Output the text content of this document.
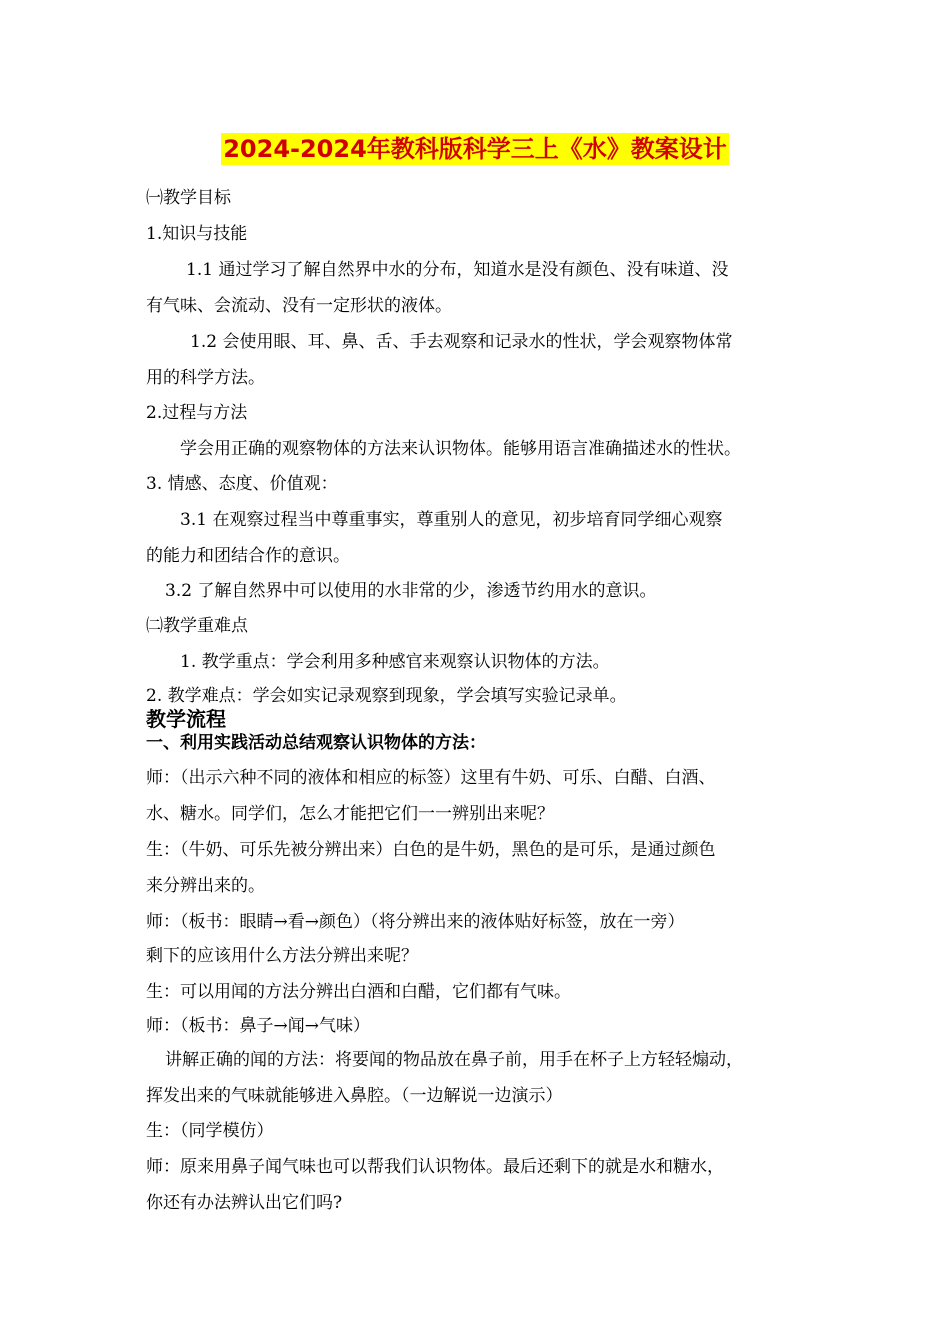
2024-2024年教科版科学三上《水》教案设计
㈠教学目标
1.知识与技能
1.1 通过学习了解自然界中水的分布，知道水是没有颜色、没有味道、没
有气味、会流动、没有一定形状的液体。
1.2 会使用眼、耳、鼻、舌、手去观察和记录水的性状，学会观察物体常
用的科学方法。
2.过程与方法
学会用正确的观察物体的方法来认识物体。能够用语言准确描述水的性状。
3. 情感、态度、价值观：
3.1 在观察过程当中尊重事实，尊重别人的意见，初步培育同学细心观察
的能力和团结合作的意识。
3.2 了解自然界中可以使用的水非常的少，渗透节约用水的意识。
㈡教学重难点
1. 教学重点：学会利用多种感官来观察认识物体的方法。
2. 教学难点：学会如实记录观察到现象，学会填写实验记录单。
教学流程
一、利用实践活动总结观察认识物体的方法：
师：（出示六种不同的液体和相应的标签）这里有牛奶、可乐、白醋、白酒、
水、糖水。同学们，怎么才能把它们一一辨别出来呢？
生：（牛奶、可乐先被分辨出来）白色的是牛奶，黑色的是可乐，是通过颜色
来分辨出来的。
师：（板书：眼睛→看→颜色）（将分辨出来的液体贴好标签，放在一旁）
剩下的应该用什么方法分辨出来呢？
生：可以用闻的方法分辨出白酒和白醋，它们都有气味。
师：（板书：鼻子→闻→气味）
讲解正确的闻的方法：将要闻的物品放在鼻子前，用手在杯子上方轻轻煽动，
挥发出来的气味就能够进入鼻腔。（一边解说一边演示）
生：（同学模仿）
师：原来用鼻子闻气味也可以帮我们认识物体。最后还剩下的就是水和糖水，
你还有办法辨认出它们吗?
